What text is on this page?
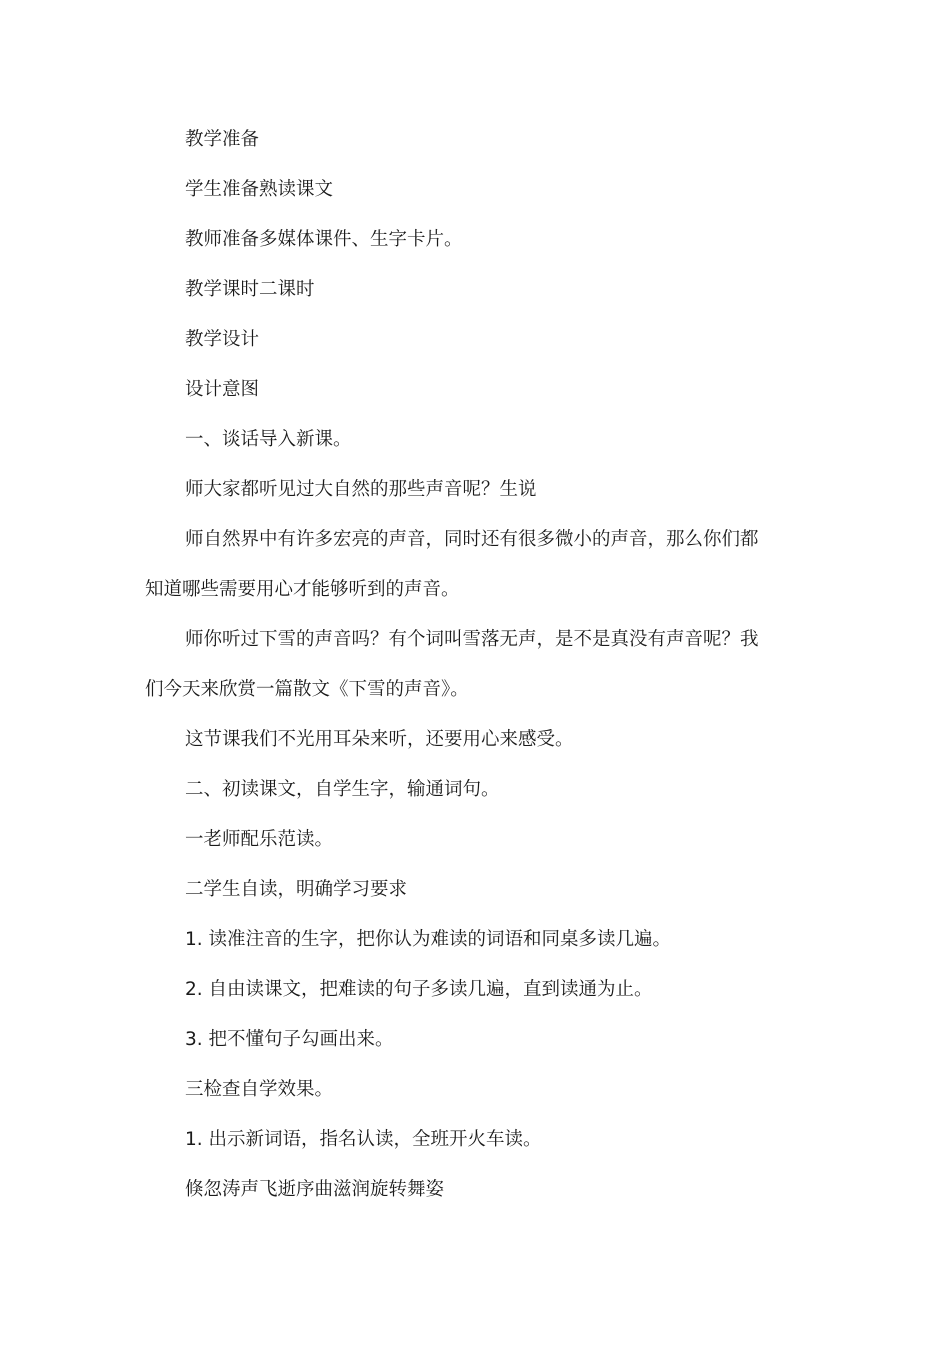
教学准备

学生准备熟读课文

教师准备多媒体课件、生字卡片。

教学课时二课时

教学设计

设计意图

一、谈话导入新课。

师大家都听见过大自然的那些声音呢？生说

师自然界中有许多宏亮的声音，同时还有很多微小的声音，那么你们都知道哪些需要用心才能够听到的声音。

师你听过下雪的声音吗？有个词叫雪落无声，是不是真没有声音呢？我们今天来欣赏一篇散文《下雪的声音》。

这节课我们不光用耳朵来听，还要用心来感受。

二、初读课文，自学生字，输通词句。

一老师配乐范读。

二学生自读，明确学习要求

1. 读准注音的生字，把你认为难读的词语和同桌多读几遍。

2. 自由读课文，把难读的句子多读几遍，直到读通为止。

3. 把不懂句子勾画出来。

三检查自学效果。

1. 出示新词语，指名认读，全班开火车读。

倏忽涛声飞逝序曲滋润旋转舞姿
